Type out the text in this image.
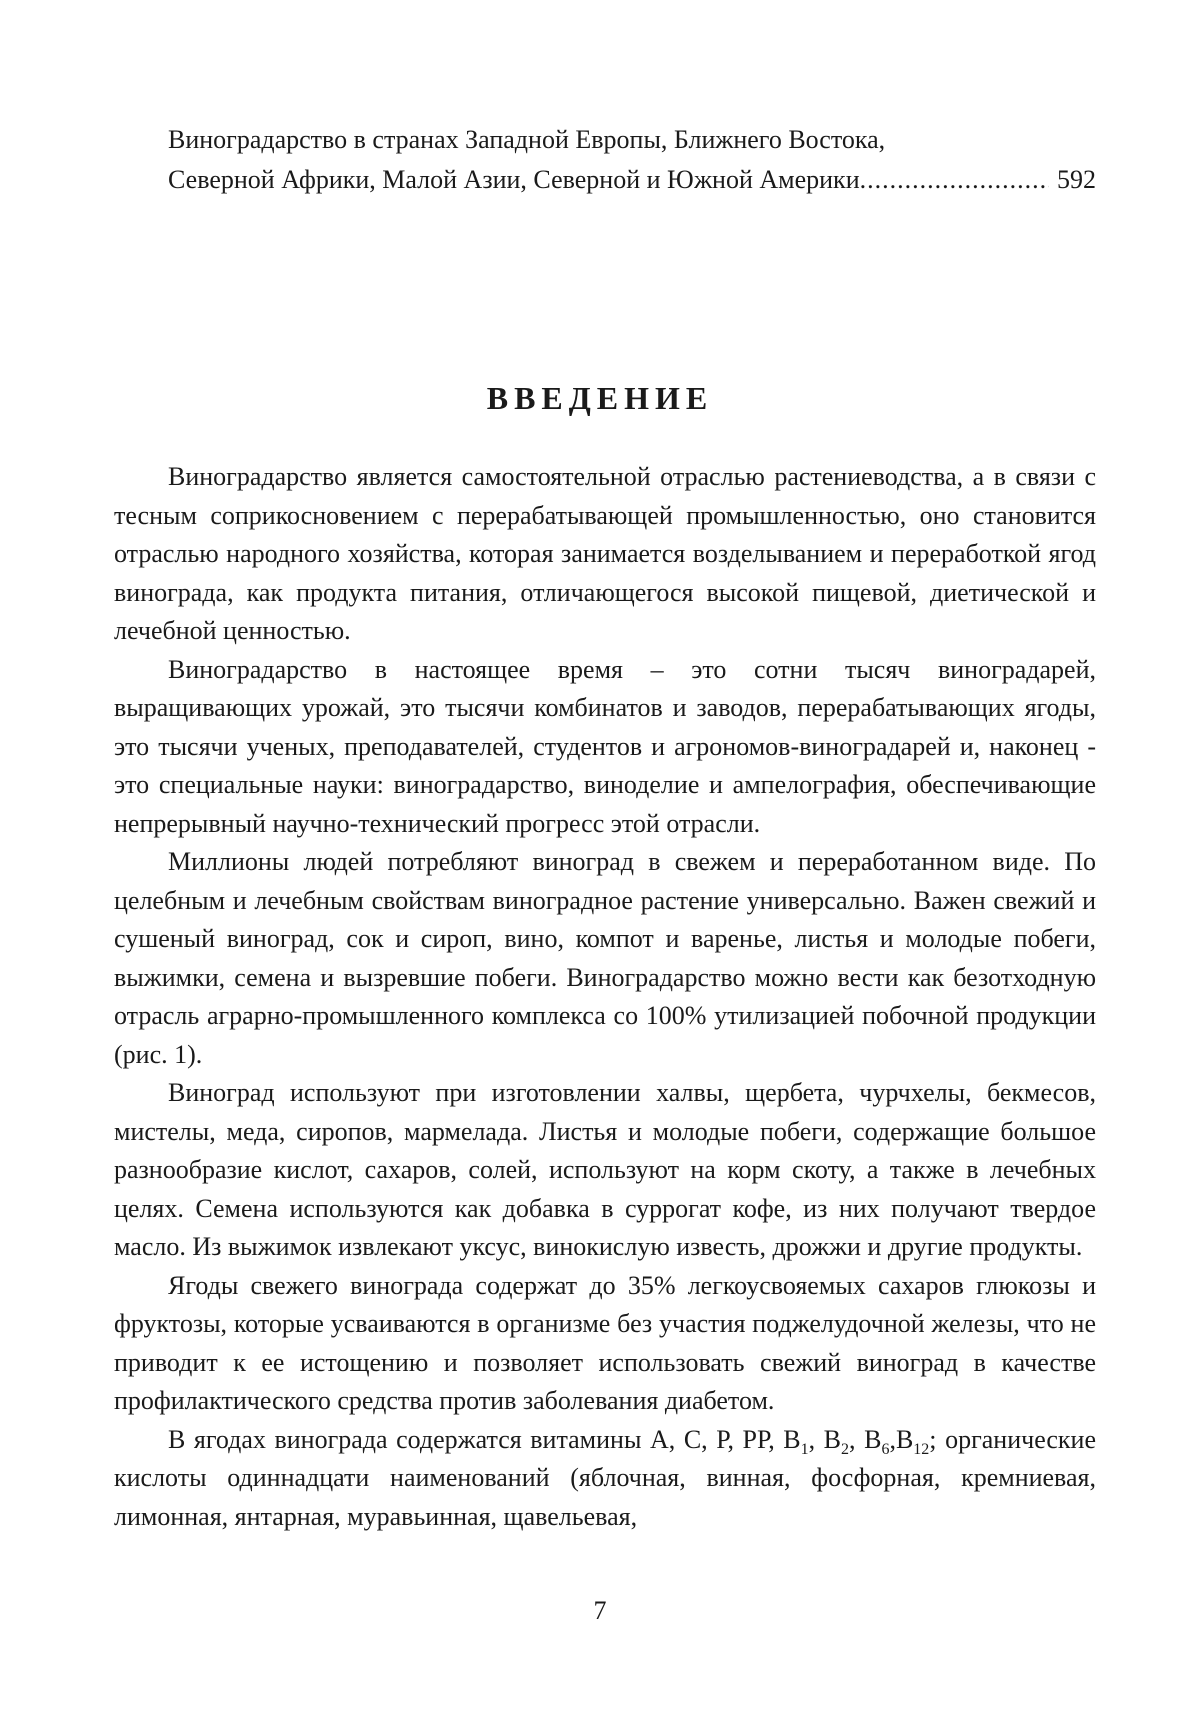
Виноградарство в странах Западной Европы, Ближнего Востока,
Северной Африки, Малой Азии, Северной и Южной Америки
.....	592
ВВЕДЕНИЕ

Виноградарство является самостоятельной отраслью растениеводства, а в связи с тесным соприкосновением с перерабатывающей промышленностью, оно становится отраслью народного хозяйства, которая занимается возделыванием и переработкой ягод винограда, как продукта питания, отличающегося высокой пищевой, диетической и лечебной ценностью.

Виноградарство в настоящее время – это сотни тысяч виноградарей, выращивающих урожай, это тысячи комбинатов и заводов, перерабатывающих ягоды, это тысячи ученых, преподавателей, студентов и агрономов-виноградарей и, наконец - это специальные науки: виноградарство, виноделие и ампелография, обеспечивающие непрерывный научно-технический прогресс этой отрасли.

Миллионы людей потребляют виноград в свежем и переработанном виде. По целебным и лечебным свойствам виноградное растение универсально. Важен свежий и сушеный виноград, сок и сироп, вино, компот и варенье, листья и молодые побеги, выжимки, семена и вызревшие побеги. Виноградарство можно вести как безотходную отрасль аграрно-промышленного комплекса со 100% утилизацией побочной продукции (рис. 1).

Виноград используют при изготовлении халвы, щербета, чурчхелы, бекмесов, мистелы, меда, сиропов, мармелада. Листья и молодые побеги, содержащие большое разнообразие кислот, сахаров, солей, используют на корм скоту, а также в лечебных целях. Семена используются как добавка в суррогат кофе, из них получают твердое масло. Из выжимок извлекают уксус, винокислую известь, дрожжи и другие продукты.

Ягоды свежего винограда содержат до 35% легкоусвояемых сахаров глюкозы и фруктозы, которые усваиваются в организме без участия поджелудочной железы, что не приводит к ее истощению и позволяет использовать свежий виноград в качестве профилактического средства против заболевания диабетом.

В ягодах винограда содержатся витамины А, С, Р, РР, В1, В2, В6,В12; органические кислоты одиннадцати наименований (яблочная, винная, фосфорная, кремниевая, лимонная, янтарная, муравьинная, щавельевая,

7
